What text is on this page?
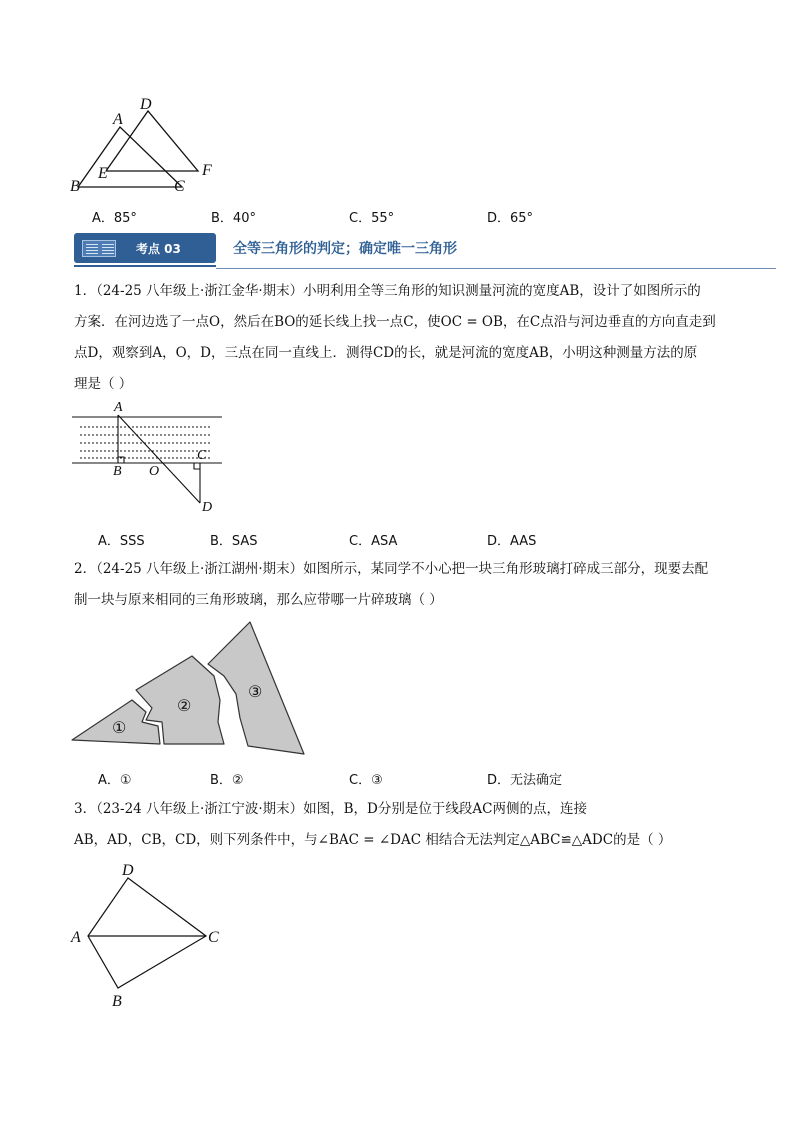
A
D
B
E
C
F
A．85°	B．40°	C．55°	D．65°
考点 03	全等三角形的判定；确定唯一三角形
1．（24-25 八年级上·浙江金华·期末）小明利用全等三角形的知识测量河流的宽度AB，设计了如图所示的
方案．在河边选了一点O，然后在BO的延长线上找一点C，使OC = OB，在C点沿与河边垂直的方向直走到
点D，观察到A，O，D，三点在同一直线上．测得CD的长，就是河流的宽度AB，小明这种测量方法的原
理是（ ）
A
B O
C
D
A．SSS	B．SAS	C．ASA	D．AAS
2．（24-25 八年级上·浙江湖州·期末）如图所示，某同学不小心把一块三角形玻璃打碎成三部分，现要去配
制一块与原来相同的三角形玻璃，那么应带哪一片碎玻璃（ ）
①
②
③
A．①	B．②	C．③	D．无法确定
3．（23-24 八年级上·浙江宁波·期末）如图，B，D分别是位于线段AC两侧的点，连接
AB，AD，CB，CD，则下列条件中，与∠BAC = ∠DAC 相结合无法判定△ABC≌△ADC的是（ ）
D
A	C
B
